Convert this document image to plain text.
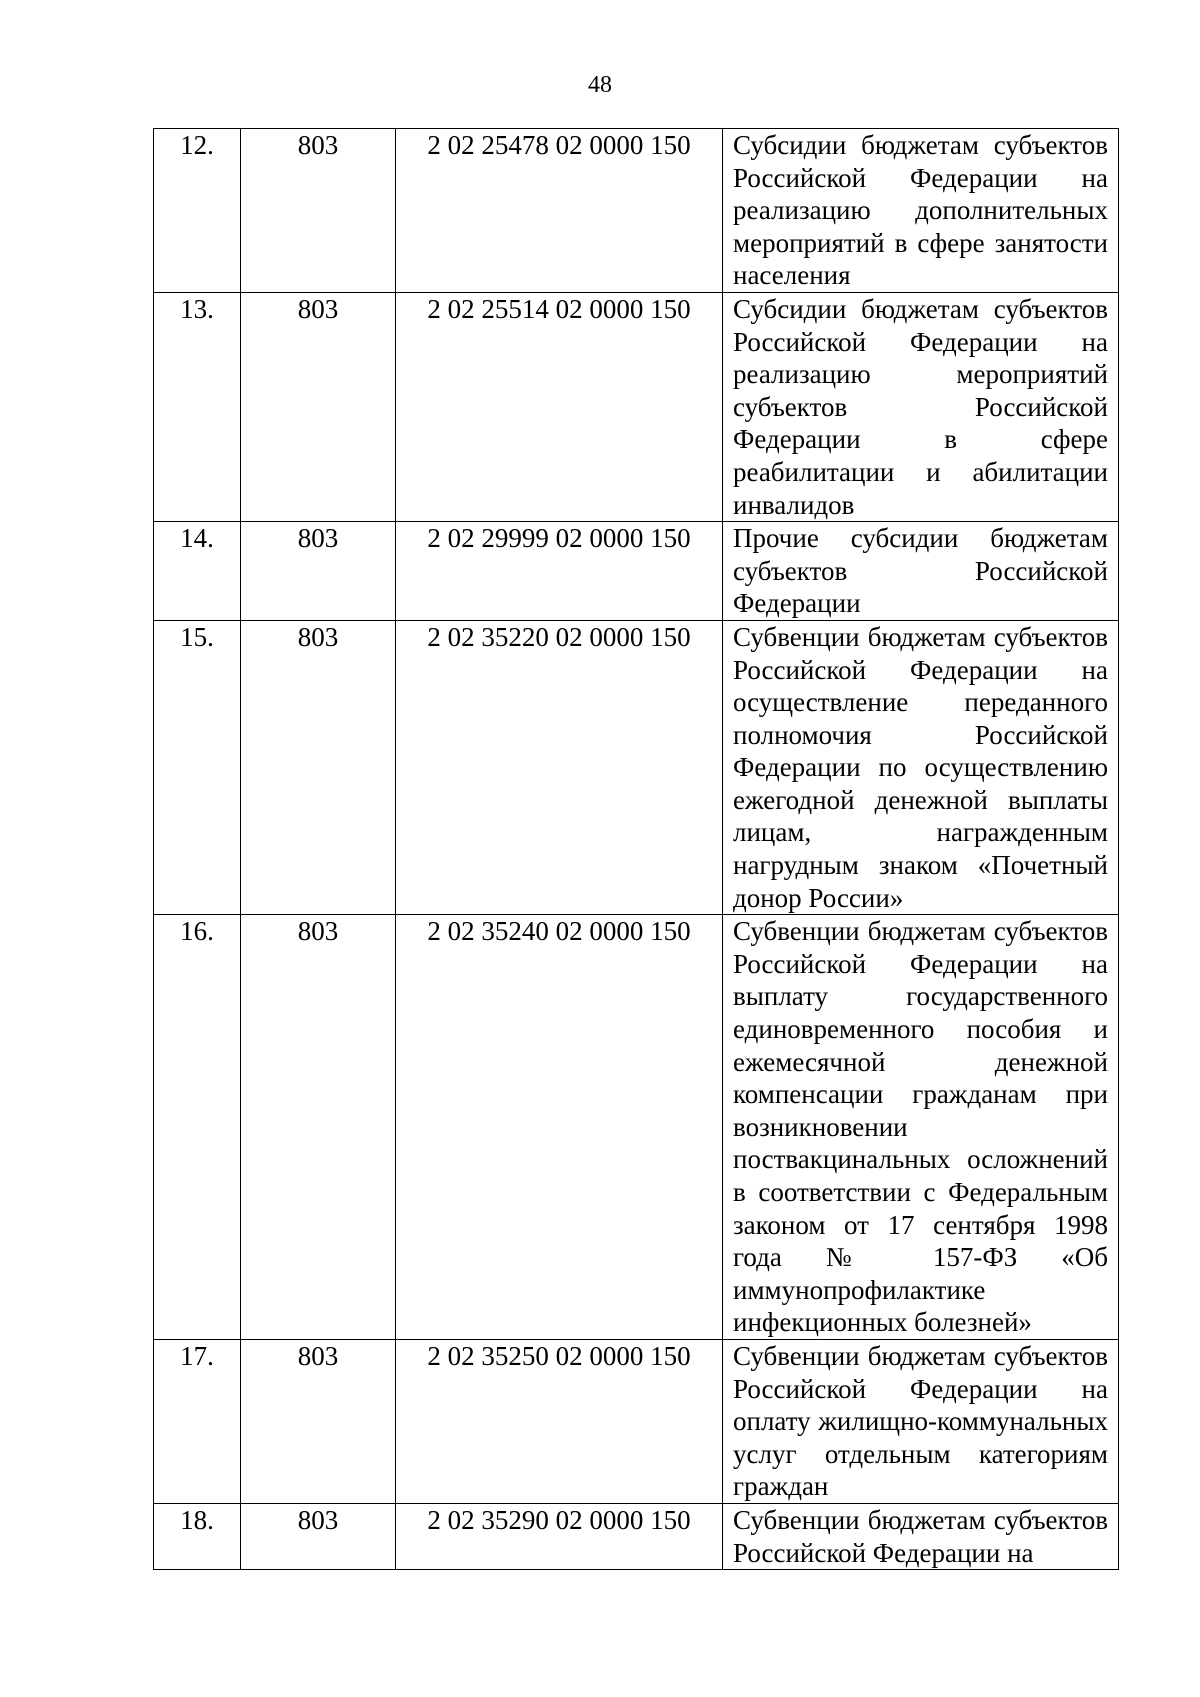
48
12.	803	2 02 25478 02 0000 150	Субсидии бюджетам субъектов Российской Федерации на реализацию дополнительных мероприятий в сфере занятости населения

13.	803	2 02 25514 02 0000 150	Субсидии бюджетам субъектов Российской Федерации на реализацию мероприятий субъектов Российской Федерации в сфере реабилитации и абилитации инвалидов

14.	803	2 02 29999 02 0000 150	Прочие субсидии бюджетам субъектов Российской Федерации

15.	803	2 02 35220 02 0000 150	Субвенции бюджетам субъектов Российской Федерации на осуществление переданного полномочия Российской Федерации по осуществлению ежегодной денежной выплаты лицам, награжденным нагрудным знаком «Почетный донор России»

16.	803	2 02 35240 02 0000 150	Субвенции бюджетам субъектов Российской Федерации на выплату государственного единовременного пособия и ежемесячной денежной компенсации гражданам при возникновении поствакцинальных осложнений в соответствии с Федеральным законом от 17 сентября 1998 года № 157-ФЗ «Об иммунопрофилактике инфекционных болезней»

17.	803	2 02 35250 02 0000 150	Субвенции бюджетам субъектов Российской Федерации на оплату жилищно-коммунальных услуг отдельным категориям граждан

18.	803	2 02 35290 02 0000 150	Субвенции бюджетам субъектов Российской Федерации на
